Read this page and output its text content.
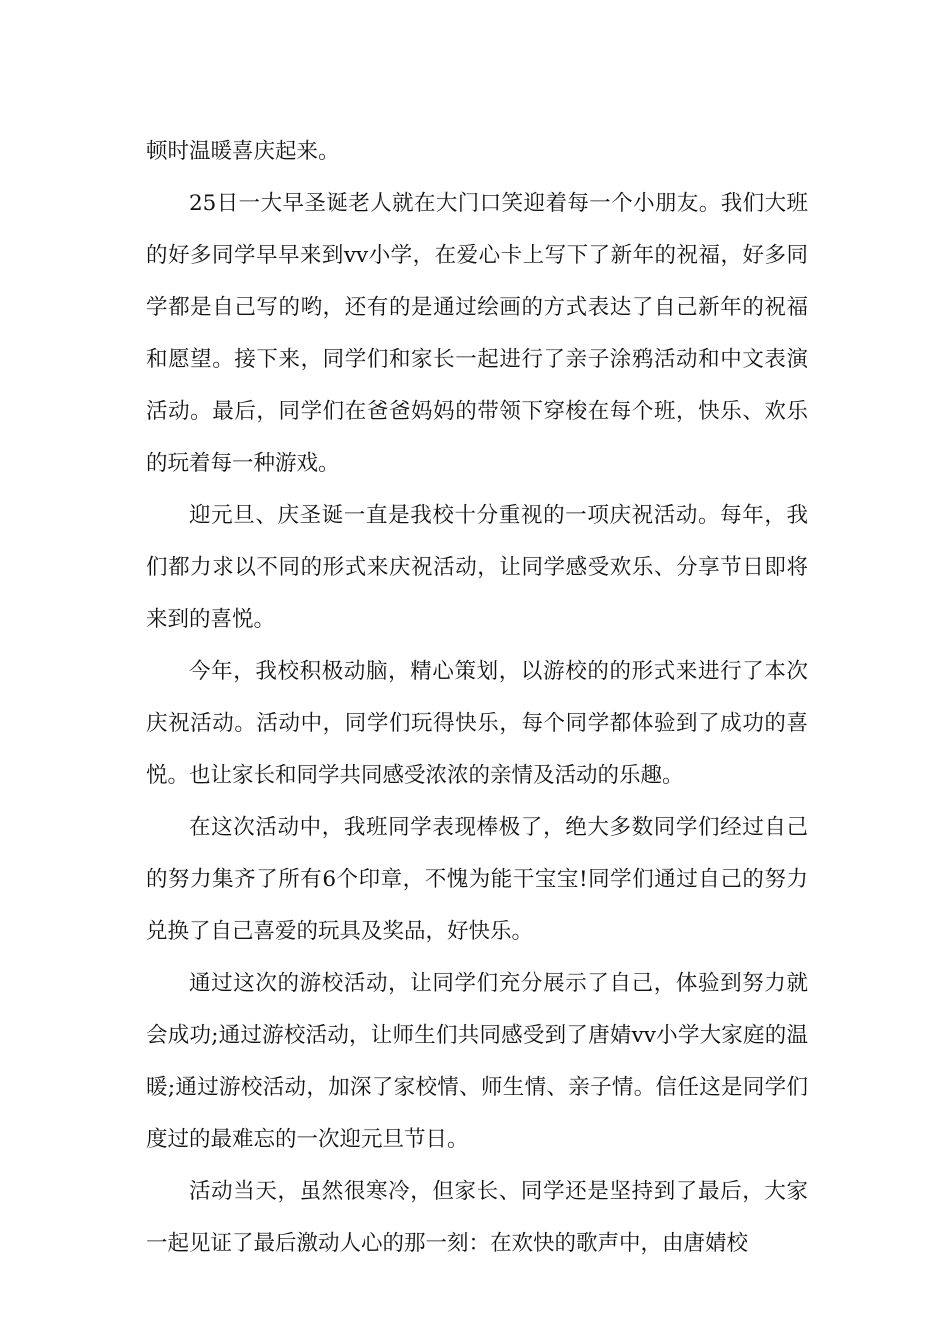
顿时温暖喜庆起来。

25日一大早圣诞老人就在大门口笑迎着每一个小朋友。我们大班的好多同学早早来到vv小学，在爱心卡上写下了新年的祝福，好多同学都是自己写的哟，还有的是通过绘画的方式表达了自己新年的祝福和愿望。接下来，同学们和家长一起进行了亲子涂鸦活动和中文表演活动。最后，同学们在爸爸妈妈的带领下穿梭在每个班，快乐、欢乐的玩着每一种游戏。

迎元旦、庆圣诞一直是我校十分重视的一项庆祝活动。每年，我们都力求以不同的形式来庆祝活动，让同学感受欢乐、分享节日即将来到的喜悦。

今年，我校积极动脑，精心策划，以游校的的形式来进行了本次庆祝活动。活动中，同学们玩得快乐，每个同学都体验到了成功的喜悦。也让家长和同学共同感受浓浓的亲情及活动的乐趣。

在这次活动中，我班同学表现棒极了，绝大多数同学们经过自己的努力集齐了所有6个印章，不愧为能干宝宝!同学们通过自己的努力兑换了自己喜爱的玩具及奖品，好快乐。

通过这次的游校活动，让同学们充分展示了自己，体验到努力就会成功;通过游校活动，让师生们共同感受到了唐婧vv小学大家庭的温暖;通过游校活动，加深了家校情、师生情、亲子情。信任这是同学们度过的最难忘的一次迎元旦节日。

活动当天，虽然很寒冷，但家长、同学还是坚持到了最后，大家一起见证了最后激动人心的那一刻：在欢快的歌声中，由唐婧校
